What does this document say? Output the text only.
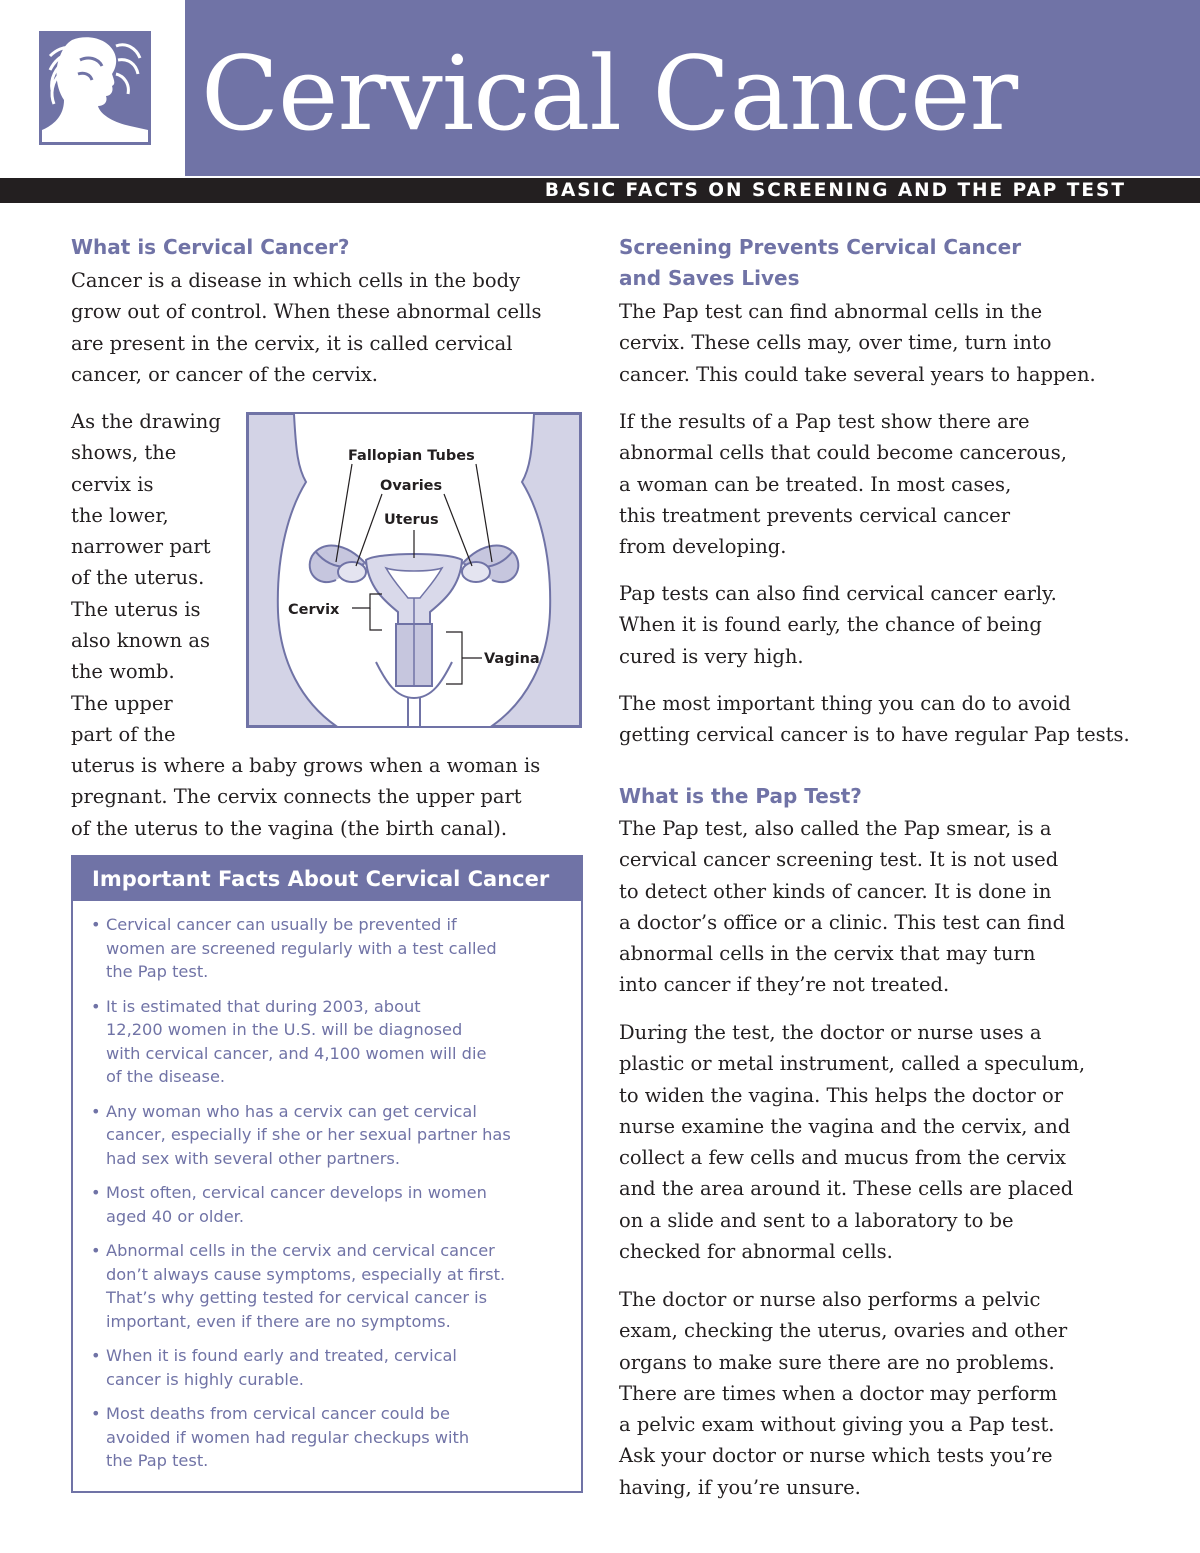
Cervical Cancer
BASIC FACTS ON SCREENING AND THE PAP TEST
What is Cervical Cancer?
Cancer is a disease in which cells in the body
grow out of control. When these abnormal cells
are present in the cervix, it is called cervical
cancer, or cancer of the cervix.
As the drawing
shows, the
cervix is
the lower,
narrower part
of the uterus.
The uterus is
also known as
the womb.
The upper
part of the
uterus is where a baby grows when a woman is
pregnant. The cervix connects the upper part
of the uterus to the vagina (the birth canal).
Fallopian Tubes
Ovaries
Uterus
Cervix
Vagina
Important Facts About Cervical Cancer
• Cervical cancer can usually be prevented if
women are screened regularly with a test called
the Pap test.
• It is estimated that during 2003, about
12,200 women in the U.S. will be diagnosed
with cervical cancer, and 4,100 women will die
of the disease.
• Any woman who has a cervix can get cervical
cancer, especially if she or her sexual partner has
had sex with several other partners.
• Most often, cervical cancer develops in women
aged 40 or older.
• Abnormal cells in the cervix and cervical cancer
don’t always cause symptoms, especially at first.
That’s why getting tested for cervical cancer is
important, even if there are no symptoms.
• When it is found early and treated, cervical
cancer is highly curable.
• Most deaths from cervical cancer could be
avoided if women had regular checkups with
the Pap test.
Screening Prevents Cervical Cancer
and Saves Lives
The Pap test can find abnormal cells in the
cervix. These cells may, over time, turn into
cancer. This could take several years to happen.
If the results of a Pap test show there are
abnormal cells that could become cancerous,
a woman can be treated. In most cases,
this treatment prevents cervical cancer
from developing.
Pap tests can also find cervical cancer early.
When it is found early, the chance of being
cured is very high.
The most important thing you can do to avoid
getting cervical cancer is to have regular Pap tests.
What is the Pap Test?
The Pap test, also called the Pap smear, is a
cervical cancer screening test. It is not used
to detect other kinds of cancer. It is done in
a doctor’s office or a clinic. This test can find
abnormal cells in the cervix that may turn
into cancer if they’re not treated.
During the test, the doctor or nurse uses a
plastic or metal instrument, called a speculum,
to widen the vagina. This helps the doctor or
nurse examine the vagina and the cervix, and
collect a few cells and mucus from the cervix
and the area around it. These cells are placed
on a slide and sent to a laboratory to be
checked for abnormal cells.
The doctor or nurse also performs a pelvic
exam, checking the uterus, ovaries and other
organs to make sure there are no problems.
There are times when a doctor may perform
a pelvic exam without giving you a Pap test.
Ask your doctor or nurse which tests you’re
having, if you’re unsure.
